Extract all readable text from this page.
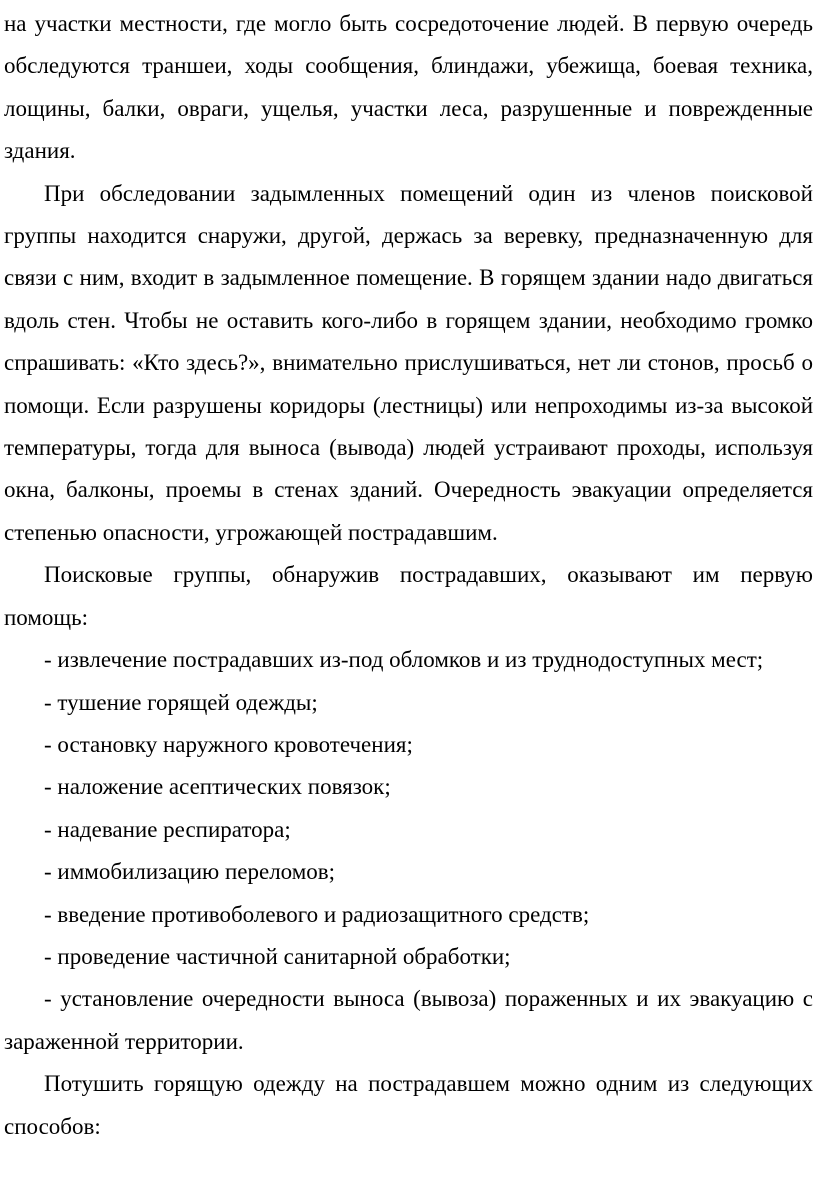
на участки местности, где могло быть сосредоточение людей. В первую очередь обследуются траншеи, ходы сообщения, блиндажи, убежища, боевая техника, лощины, балки, овраги, ущелья, участки леса, разрушенные и поврежденные здания.

При обследовании задымленных помещений один из членов поисковой группы находится снаружи, другой, держась за веревку, предназначенную для связи с ним, входит в задымленное помещение. В горящем здании надо двигаться вдоль стен. Чтобы не оставить кого-либо в горящем здании, необходимо громко спрашивать: «Кто здесь?», внимательно прислушиваться, нет ли стонов, просьб о помощи. Если разрушены коридоры (лестницы) или непроходимы из-за высокой температуры, тогда для выноса (вывода) людей устраивают проходы, используя окна, балконы, проемы в стенах зданий. Очередность эвакуации определяется степенью опасности, угрожающей пострадавшим.

Поисковые группы, обнаружив пострадавших, оказывают им первую помощь:

- извлечение пострадавших из-под обломков и из труднодоступных мест;
- тушение горящей одежды;
- остановку наружного кровотечения;
- наложение асептических повязок;
- надевание респиратора;
- иммобилизацию переломов;
- введение противоболевого и радиозащитного средств;
- проведение частичной санитарной обработки;
- установление очередности выноса (вывоза) пораженных и их эвакуацию с зараженной территории.

Потушить горящую одежду на пострадавшем можно одним из следующих способов:
